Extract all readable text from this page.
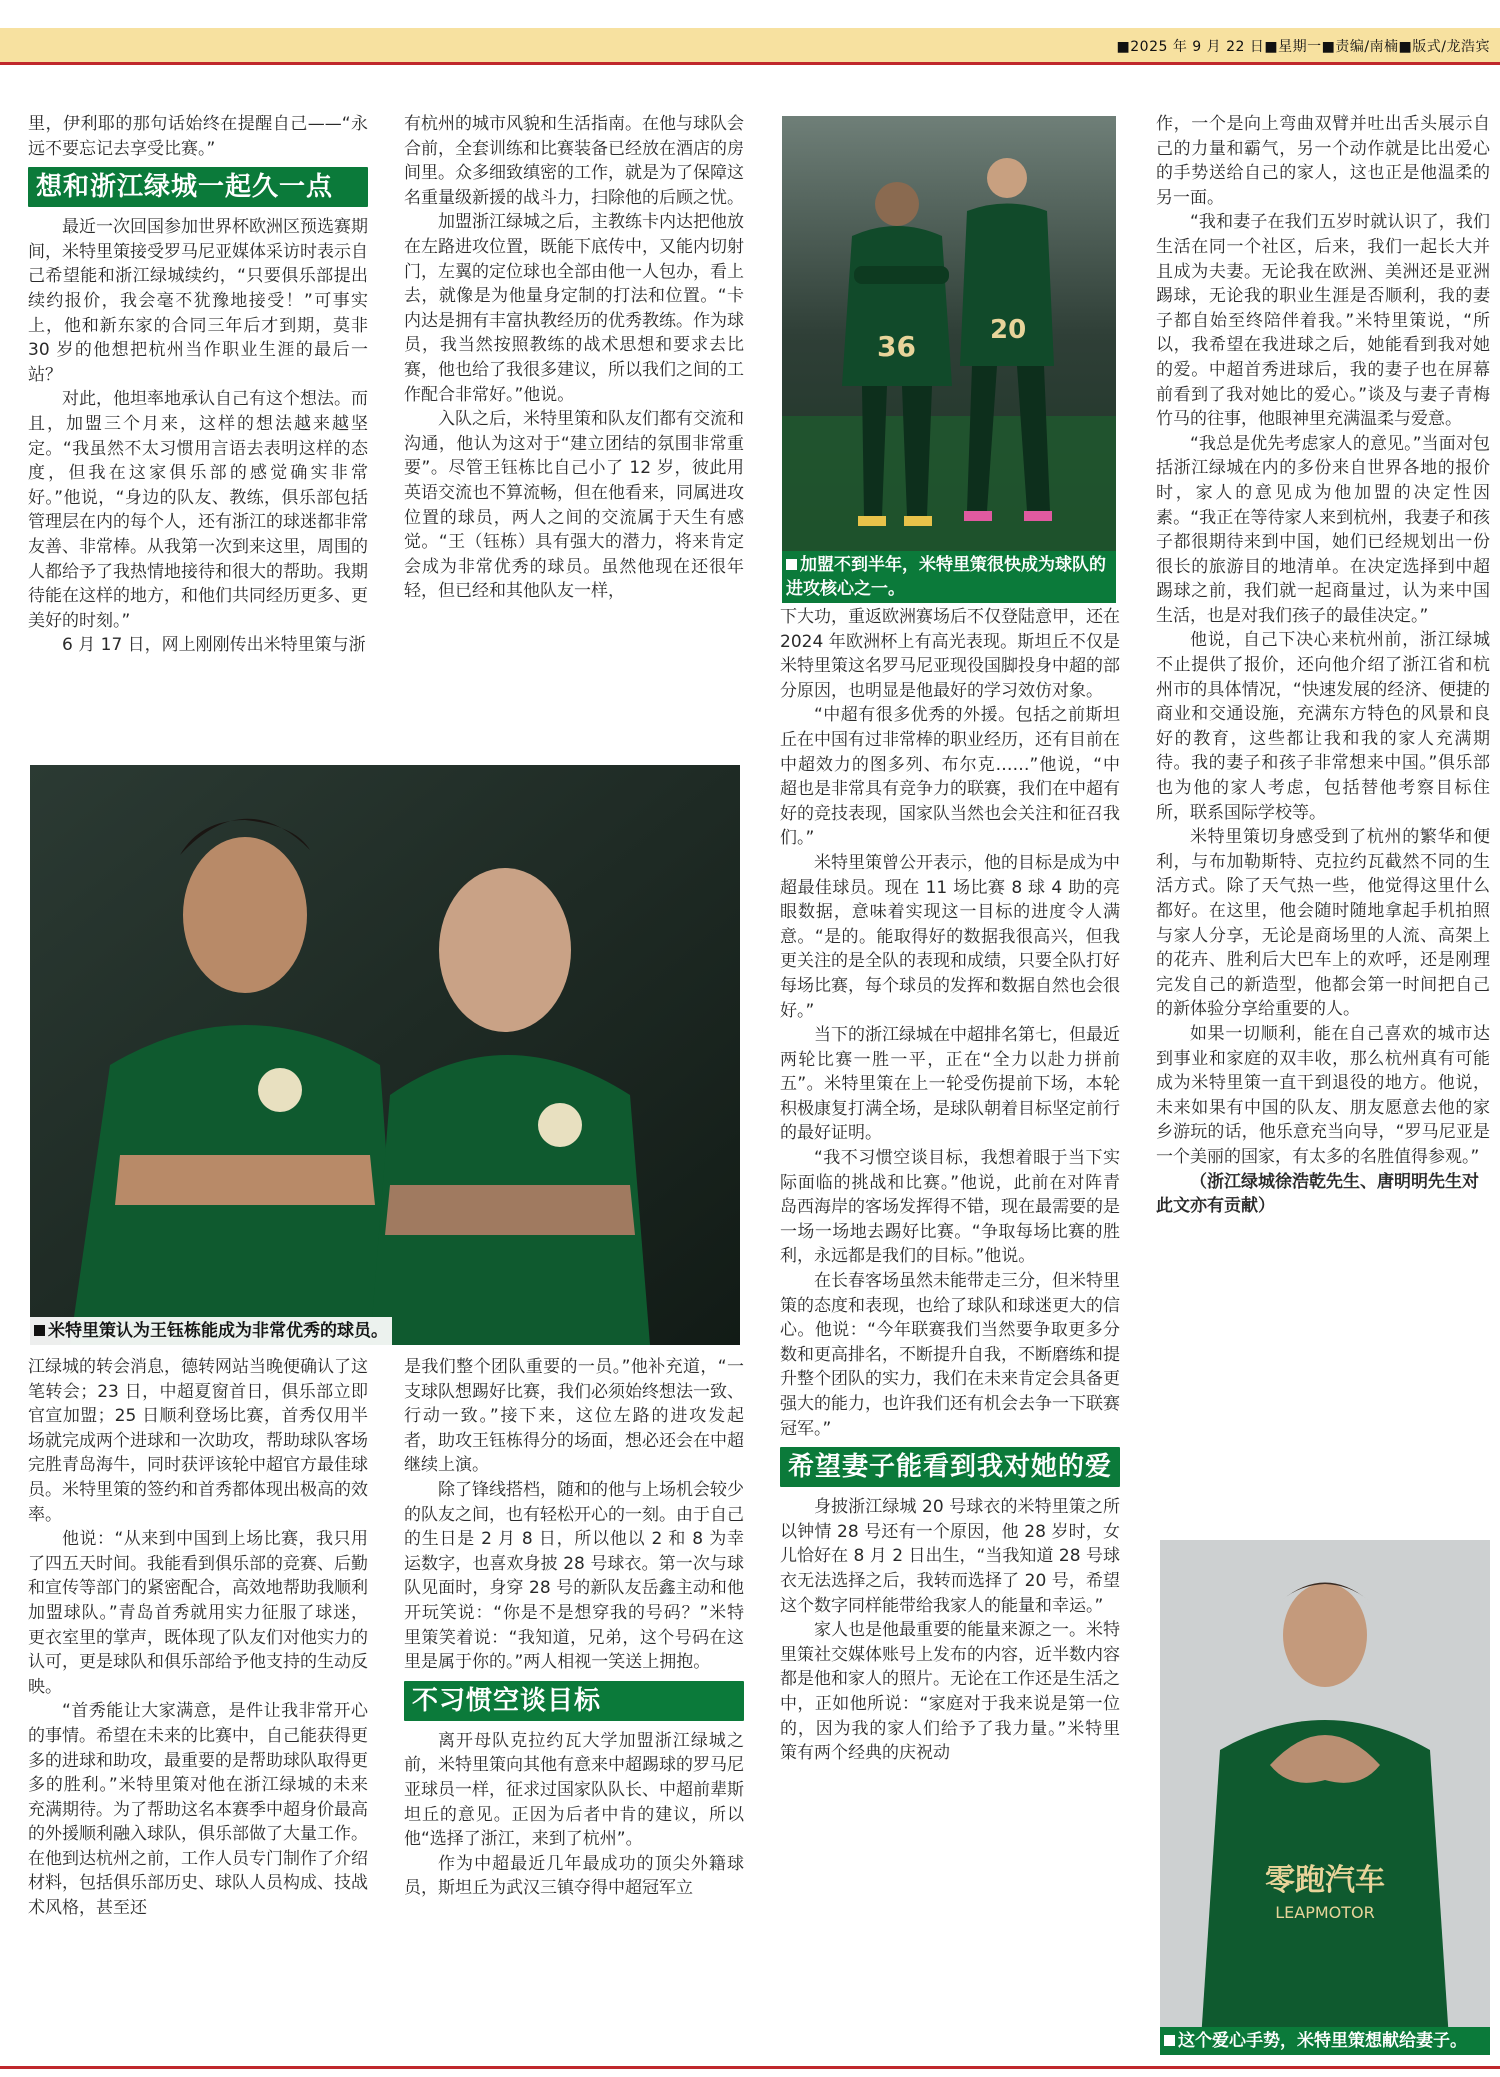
■2025 年 9 月 22 日■星期一■责编/南楠■版式/龙浩宾

里，伊利耶的那句话始终在提醒自己——“永远不要忘记去享受比赛。”

想和浙江绿城一起久一点

最近一次回国参加世界杯欧洲区预选赛期间，米特里策接受罗马尼亚媒体采访时表示自己希望能和浙江绿城续约，“只要俱乐部提出续约报价，我会毫不犹豫地接受！”可事实上，他和新东家的合同三年后才到期，莫非 30 岁的他想把杭州当作职业生涯的最后一站？

对此，他坦率地承认自己有这个想法。而且，加盟三个月来，这样的想法越来越坚定。“我虽然不太习惯用言语去表明这样的态度，但我在这家俱乐部的感觉确实非常好。”他说，“身边的队友、教练，俱乐部包括管理层在内的每个人，还有浙江的球迷都非常友善、非常棒。从我第一次到来这里，周围的人都给予了我热情地接待和很大的帮助。我期待能在这样的地方，和他们共同经历更多、更美好的时刻。”

6 月 17 日，网上刚刚传出米特里策与浙

江绿城的转会消息，德转网站当晚便确认了这笔转会；23 日，中超夏窗首日，俱乐部立即官宣加盟；25 日顺利登场比赛，首秀仅用半场就完成两个进球和一次助攻，帮助球队客场完胜青岛海牛，同时获评该轮中超官方最佳球员。米特里策的签约和首秀都体现出极高的效率。

他说：“从来到中国到上场比赛，我只用了四五天时间。我能看到俱乐部的竞赛、后勤和宣传等部门的紧密配合，高效地帮助我顺利加盟球队。”青岛首秀就用实力征服了球迷，更衣室里的掌声，既体现了队友们对他实力的认可，更是球队和俱乐部给予他支持的生动反映。

“首秀能让大家满意，是件让我非常开心的事情。希望在未来的比赛中，自己能获得更多的进球和助攻，最重要的是帮助球队取得更多的胜利。”米特里策对他在浙江绿城的未来充满期待。为了帮助这名本赛季中超身价最高的外援顺利融入球队，俱乐部做了大量工作。在他到达杭州之前，工作人员专门制作了介绍材料，包括俱乐部历史、球队人员构成、技战术风格，甚至还

有杭州的城市风貌和生活指南。在他与球队会合前，全套训练和比赛装备已经放在酒店的房间里。众多细致缜密的工作，就是为了保障这名重量级新援的战斗力，扫除他的后顾之忧。

加盟浙江绿城之后，主教练卡内达把他放在左路进攻位置，既能下底传中，又能内切射门，左翼的定位球也全部由他一人包办，看上去，就像是为他量身定制的打法和位置。“卡内达是拥有丰富执教经历的优秀教练。作为球员，我当然按照教练的战术思想和要求去比赛，他也给了我很多建议，所以我们之间的工作配合非常好。”他说。

入队之后，米特里策和队友们都有交流和沟通，他认为这对于“建立团结的氛围非常重要”。尽管王钰栋比自己小了 12 岁，彼此用英语交流也不算流畅，但在他看来，同属进攻位置的球员，两人之间的交流属于天生有感觉。“王（钰栋）具有强大的潜力，将来肯定会成为非常优秀的球员。虽然他现在还很年轻，但已经和其他队友一样，

是我们整个团队重要的一员。”他补充道，“一支球队想踢好比赛，我们必须始终想法一致、行动一致。”接下来，这位左路的进攻发起者，助攻王钰栋得分的场面，想必还会在中超继续上演。

除了锋线搭档，随和的他与上场机会较少的队友之间，也有轻松开心的一刻。由于自己的生日是 2 月 8 日，所以他以 2 和 8 为幸运数字，也喜欢身披 28 号球衣。第一次与球队见面时，身穿 28 号的新队友岳鑫主动和他开玩笑说：“你是不是想穿我的号码？”米特里策笑着说：“我知道，兄弟，这个号码在这里是属于你的。”两人相视一笑送上拥抱。

不习惯空谈目标

离开母队克拉约瓦大学加盟浙江绿城之前，米特里策向其他有意来中超踢球的罗马尼亚球员一样，征求过国家队队长、中超前辈斯坦丘的意见。正因为后者中肯的建议，所以他“选择了浙江，来到了杭州”。

作为中超最近几年最成功的顶尖外籍球员，斯坦丘为武汉三镇夺得中超冠军立

下大功，重返欧洲赛场后不仅登陆意甲，还在 2024 年欧洲杯上有高光表现。斯坦丘不仅是米特里策这名罗马尼亚现役国脚投身中超的部分原因，也明显是他最好的学习效仿对象。

“中超有很多优秀的外援。包括之前斯坦丘在中国有过非常棒的职业经历，还有目前在中超效力的图多列、布尔克……”他说，“中超也是非常具有竞争力的联赛，我们在中超有好的竞技表现，国家队当然也会关注和征召我们。”

米特里策曾公开表示，他的目标是成为中超最佳球员。现在 11 场比赛 8 球 4 助的亮眼数据，意味着实现这一目标的进度令人满意。“是的。能取得好的数据我很高兴，但我更关注的是全队的表现和成绩，只要全队打好每场比赛，每个球员的发挥和数据自然也会很好。”

当下的浙江绿城在中超排名第七，但最近两轮比赛一胜一平，正在“全力以赴力拼前五”。米特里策在上一轮受伤提前下场，本轮积极康复打满全场，是球队朝着目标坚定前行的最好证明。

“我不习惯空谈目标，我想着眼于当下实际面临的挑战和比赛。”他说，此前在对阵青岛西海岸的客场发挥得不错，现在最需要的是一场一场地去踢好比赛。“争取每场比赛的胜利，永远都是我们的目标。”他说。

在长春客场虽然未能带走三分，但米特里策的态度和表现，也给了球队和球迷更大的信心。他说：“今年联赛我们当然要争取更多分数和更高排名，不断提升自我，不断磨练和提升整个团队的实力，我们在未来肯定会具备更强大的能力，也许我们还有机会去争一下联赛冠军。”

希望妻子能看到我对她的爱

身披浙江绿城 20 号球衣的米特里策之所以钟情 28 号还有一个原因，他 28 岁时，女儿恰好在 8 月 2 日出生，“当我知道 28 号球衣无法选择之后，我转而选择了 20 号，希望这个数字同样能带给我家人的能量和幸运。”

家人也是他最重要的能量来源之一。米特里策社交媒体账号上发布的内容，近半数内容都是他和家人的照片。无论在工作还是生活之中，正如他所说：“家庭对于我来说是第一位的，因为我的家人们给予了我力量。”米特里策有两个经典的庆祝动

作，一个是向上弯曲双臂并吐出舌头展示自己的力量和霸气，另一个动作就是比出爱心的手势送给自己的家人，这也正是他温柔的另一面。

“我和妻子在我们五岁时就认识了，我们生活在同一个社区，后来，我们一起长大并且成为夫妻。无论我在欧洲、美洲还是亚洲踢球，无论我的职业生涯是否顺利，我的妻子都自始至终陪伴着我。”米特里策说，“所以，我希望在我进球之后，她能看到我对她的爱。中超首秀进球后，我的妻子也在屏幕前看到了我对她比的爱心。”谈及与妻子青梅竹马的往事，他眼神里充满温柔与爱意。

“我总是优先考虑家人的意见。”当面对包括浙江绿城在内的多份来自世界各地的报价时，家人的意见成为他加盟的决定性因素。“我正在等待家人来到杭州，我妻子和孩子都很期待来到中国，她们已经规划出一份很长的旅游目的地清单。在决定选择到中超踢球之前，我们就一起商量过，认为来中国生活，也是对我们孩子的最佳决定。”

他说，自己下决心来杭州前，浙江绿城不止提供了报价，还向他介绍了浙江省和杭州市的具体情况，“快速发展的经济、便捷的商业和交通设施，充满东方特色的风景和良好的教育，这些都让我和我的家人充满期待。我的妻子和孩子非常想来中国。”俱乐部也为他的家人考虑，包括替他考察目标住所，联系国际学校等。

米特里策切身感受到了杭州的繁华和便利，与布加勒斯特、克拉约瓦截然不同的生活方式。除了天气热一些，他觉得这里什么都好。在这里，他会随时随地拿起手机拍照与家人分享，无论是商场里的人流、高架上的花卉、胜利后大巴车上的欢呼，还是刚理完发自己的新造型，他都会第一时间把自己的新体验分享给重要的人。

如果一切顺利，能在自己喜欢的城市达到事业和家庭的双丰收，那么杭州真有可能成为米特里策一直干到退役的地方。他说，未来如果有中国的队友、朋友愿意去他的家乡游玩的话，他乐意充当向导，“罗马尼亚是一个美丽的国家，有太多的名胜值得参观。”

（浙江绿城徐浩乾先生、唐明明先生对此文亦有贡献）

36	20
加盟不到半年，米特里策很快成为球队的进攻核心之一。
米特里策认为王钰栋能成为非常优秀的球员。
零跑汽车
LEAPMOTOR
这个爱心手势，米特里策想献给妻子。
